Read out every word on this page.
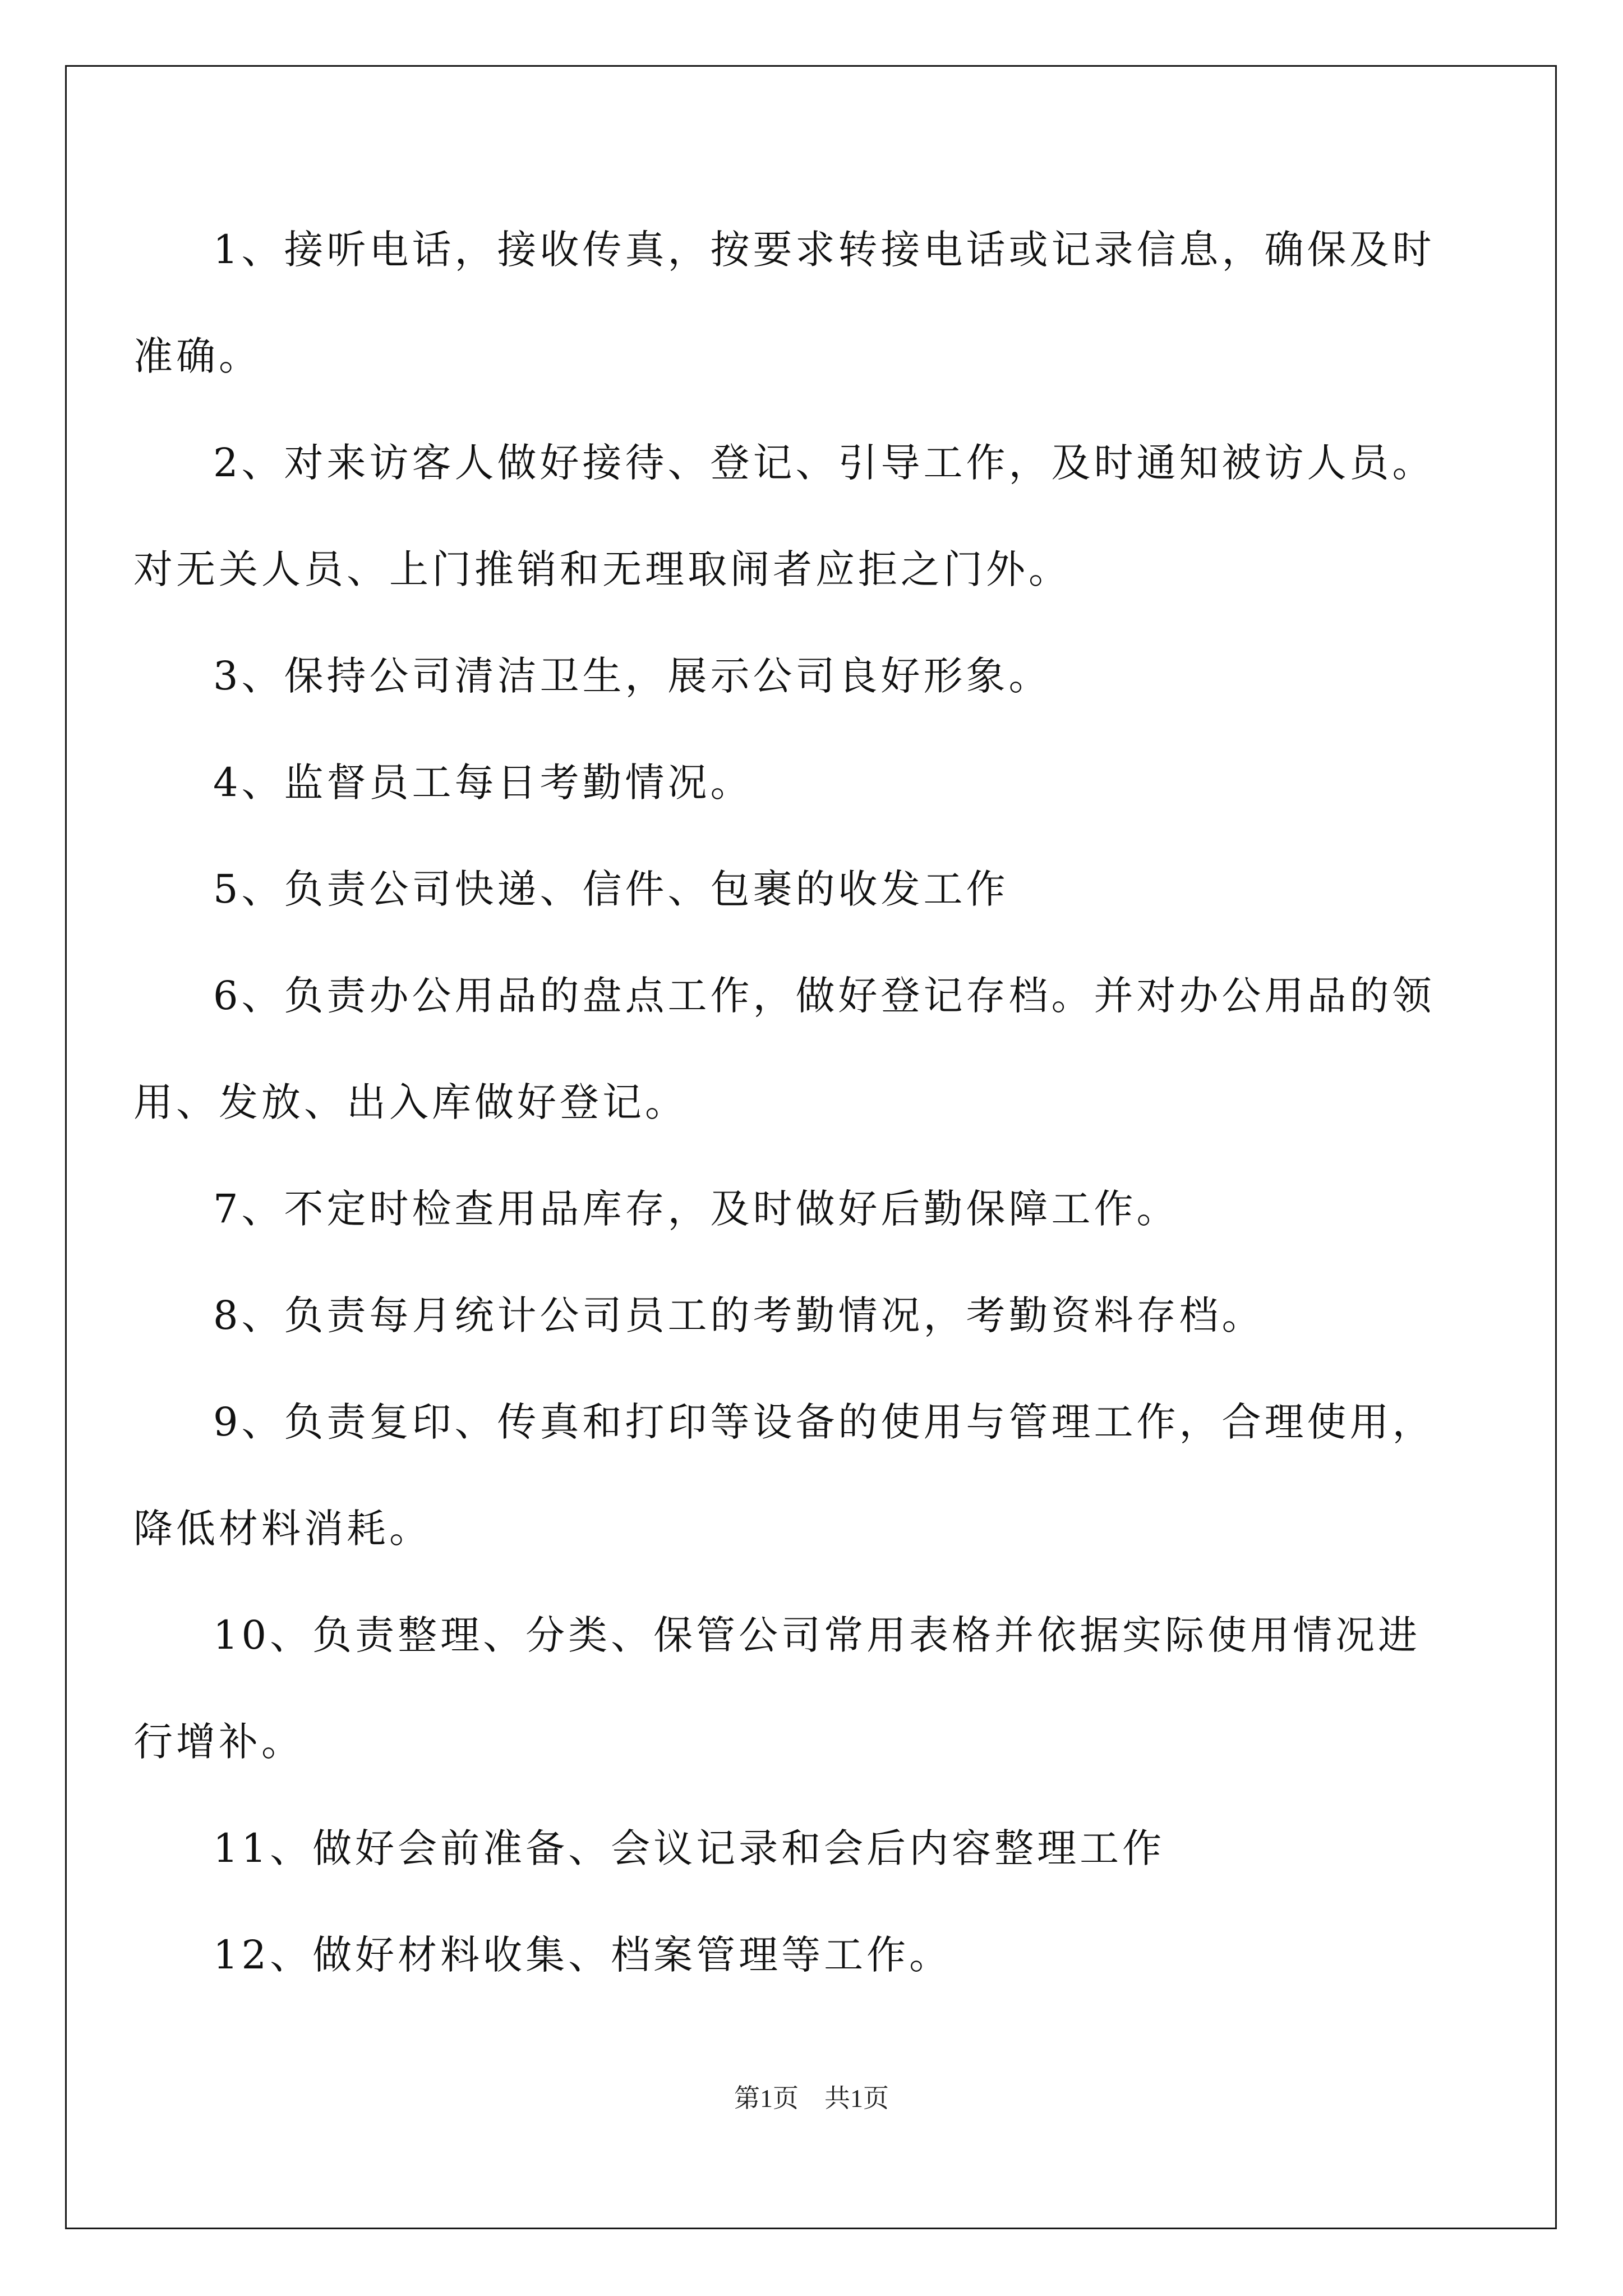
1、接听电话，接收传真，按要求转接电话或记录信息，确保及时

准确。

2、对来访客人做好接待、登记、引导工作，及时通知被访人员。

对无关人员、上门推销和无理取闹者应拒之门外。

3、保持公司清洁卫生，展示公司良好形象。

4、监督员工每日考勤情况。

5、负责公司快递、信件、包裹的收发工作

6、负责办公用品的盘点工作，做好登记存档。并对办公用品的领

用、发放、出入库做好登记。

7、不定时检查用品库存，及时做好后勤保障工作。

8、负责每月统计公司员工的考勤情况，考勤资料存档。

9、负责复印、传真和打印等设备的使用与管理工作，合理使用，

降低材料消耗。

10、负责整理、分类、保管公司常用表格并依据实际使用情况进

行增补。

11、做好会前准备、会议记录和会后内容整理工作

12、做好材料收集、档案管理等工作。

第1页 共1页
